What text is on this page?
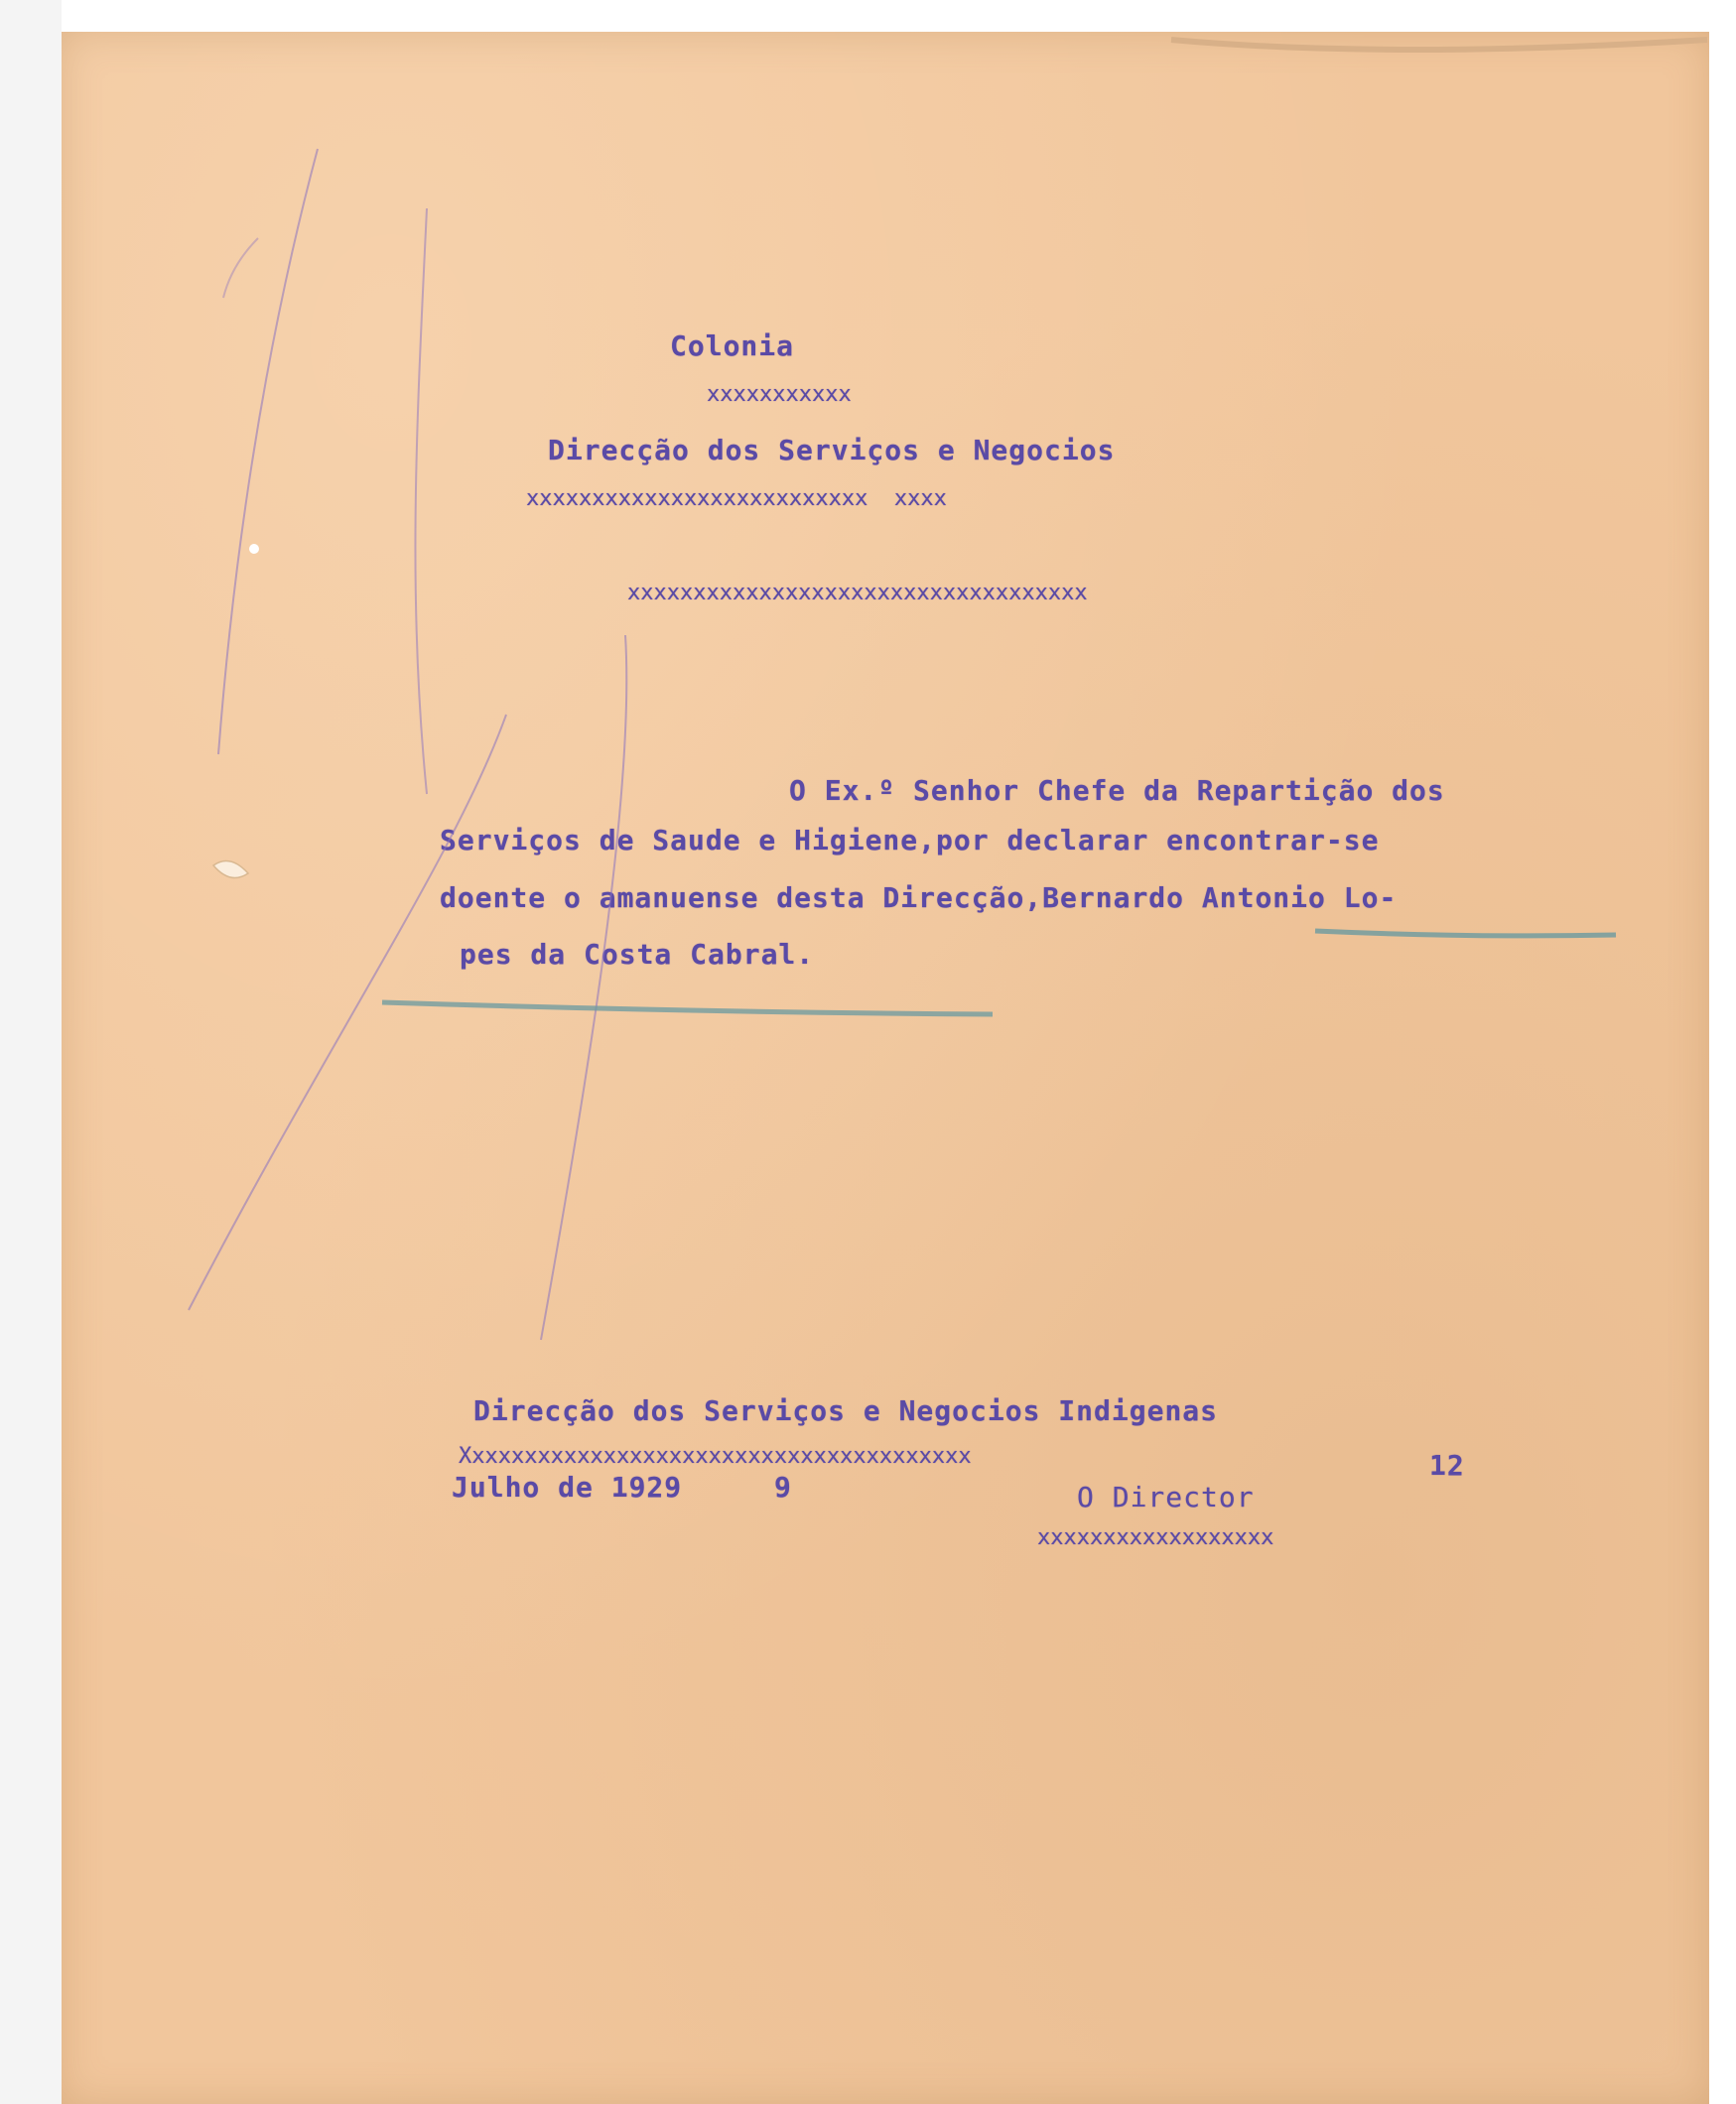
Colonia

xxxxxxxxxxx

Direcção dos Serviços e Negocios

xxxxxxxxxxxxxxxxxxxxxxxxxx  xxxx

xxxxxxxxxxxxxxxxxxxxxxxxxxxxxxxxxxx

O Ex.º Senhor Chefe da Repartição dos

Serviços de Saude e Higiene,por declarar encontrar-se

doente o amanuense desta Direcção,Bernardo Antonio Lo-

pes da Costa Cabral.

Direcção dos Serviços e Negocios Indigenas

Xxxxxxxxxxxxxxxxxxxxxxxxxxxxxxxxxxxxxxx	12

Julho de 1929	9	O Director

xxxxxxxxxxxxxxxxxx
